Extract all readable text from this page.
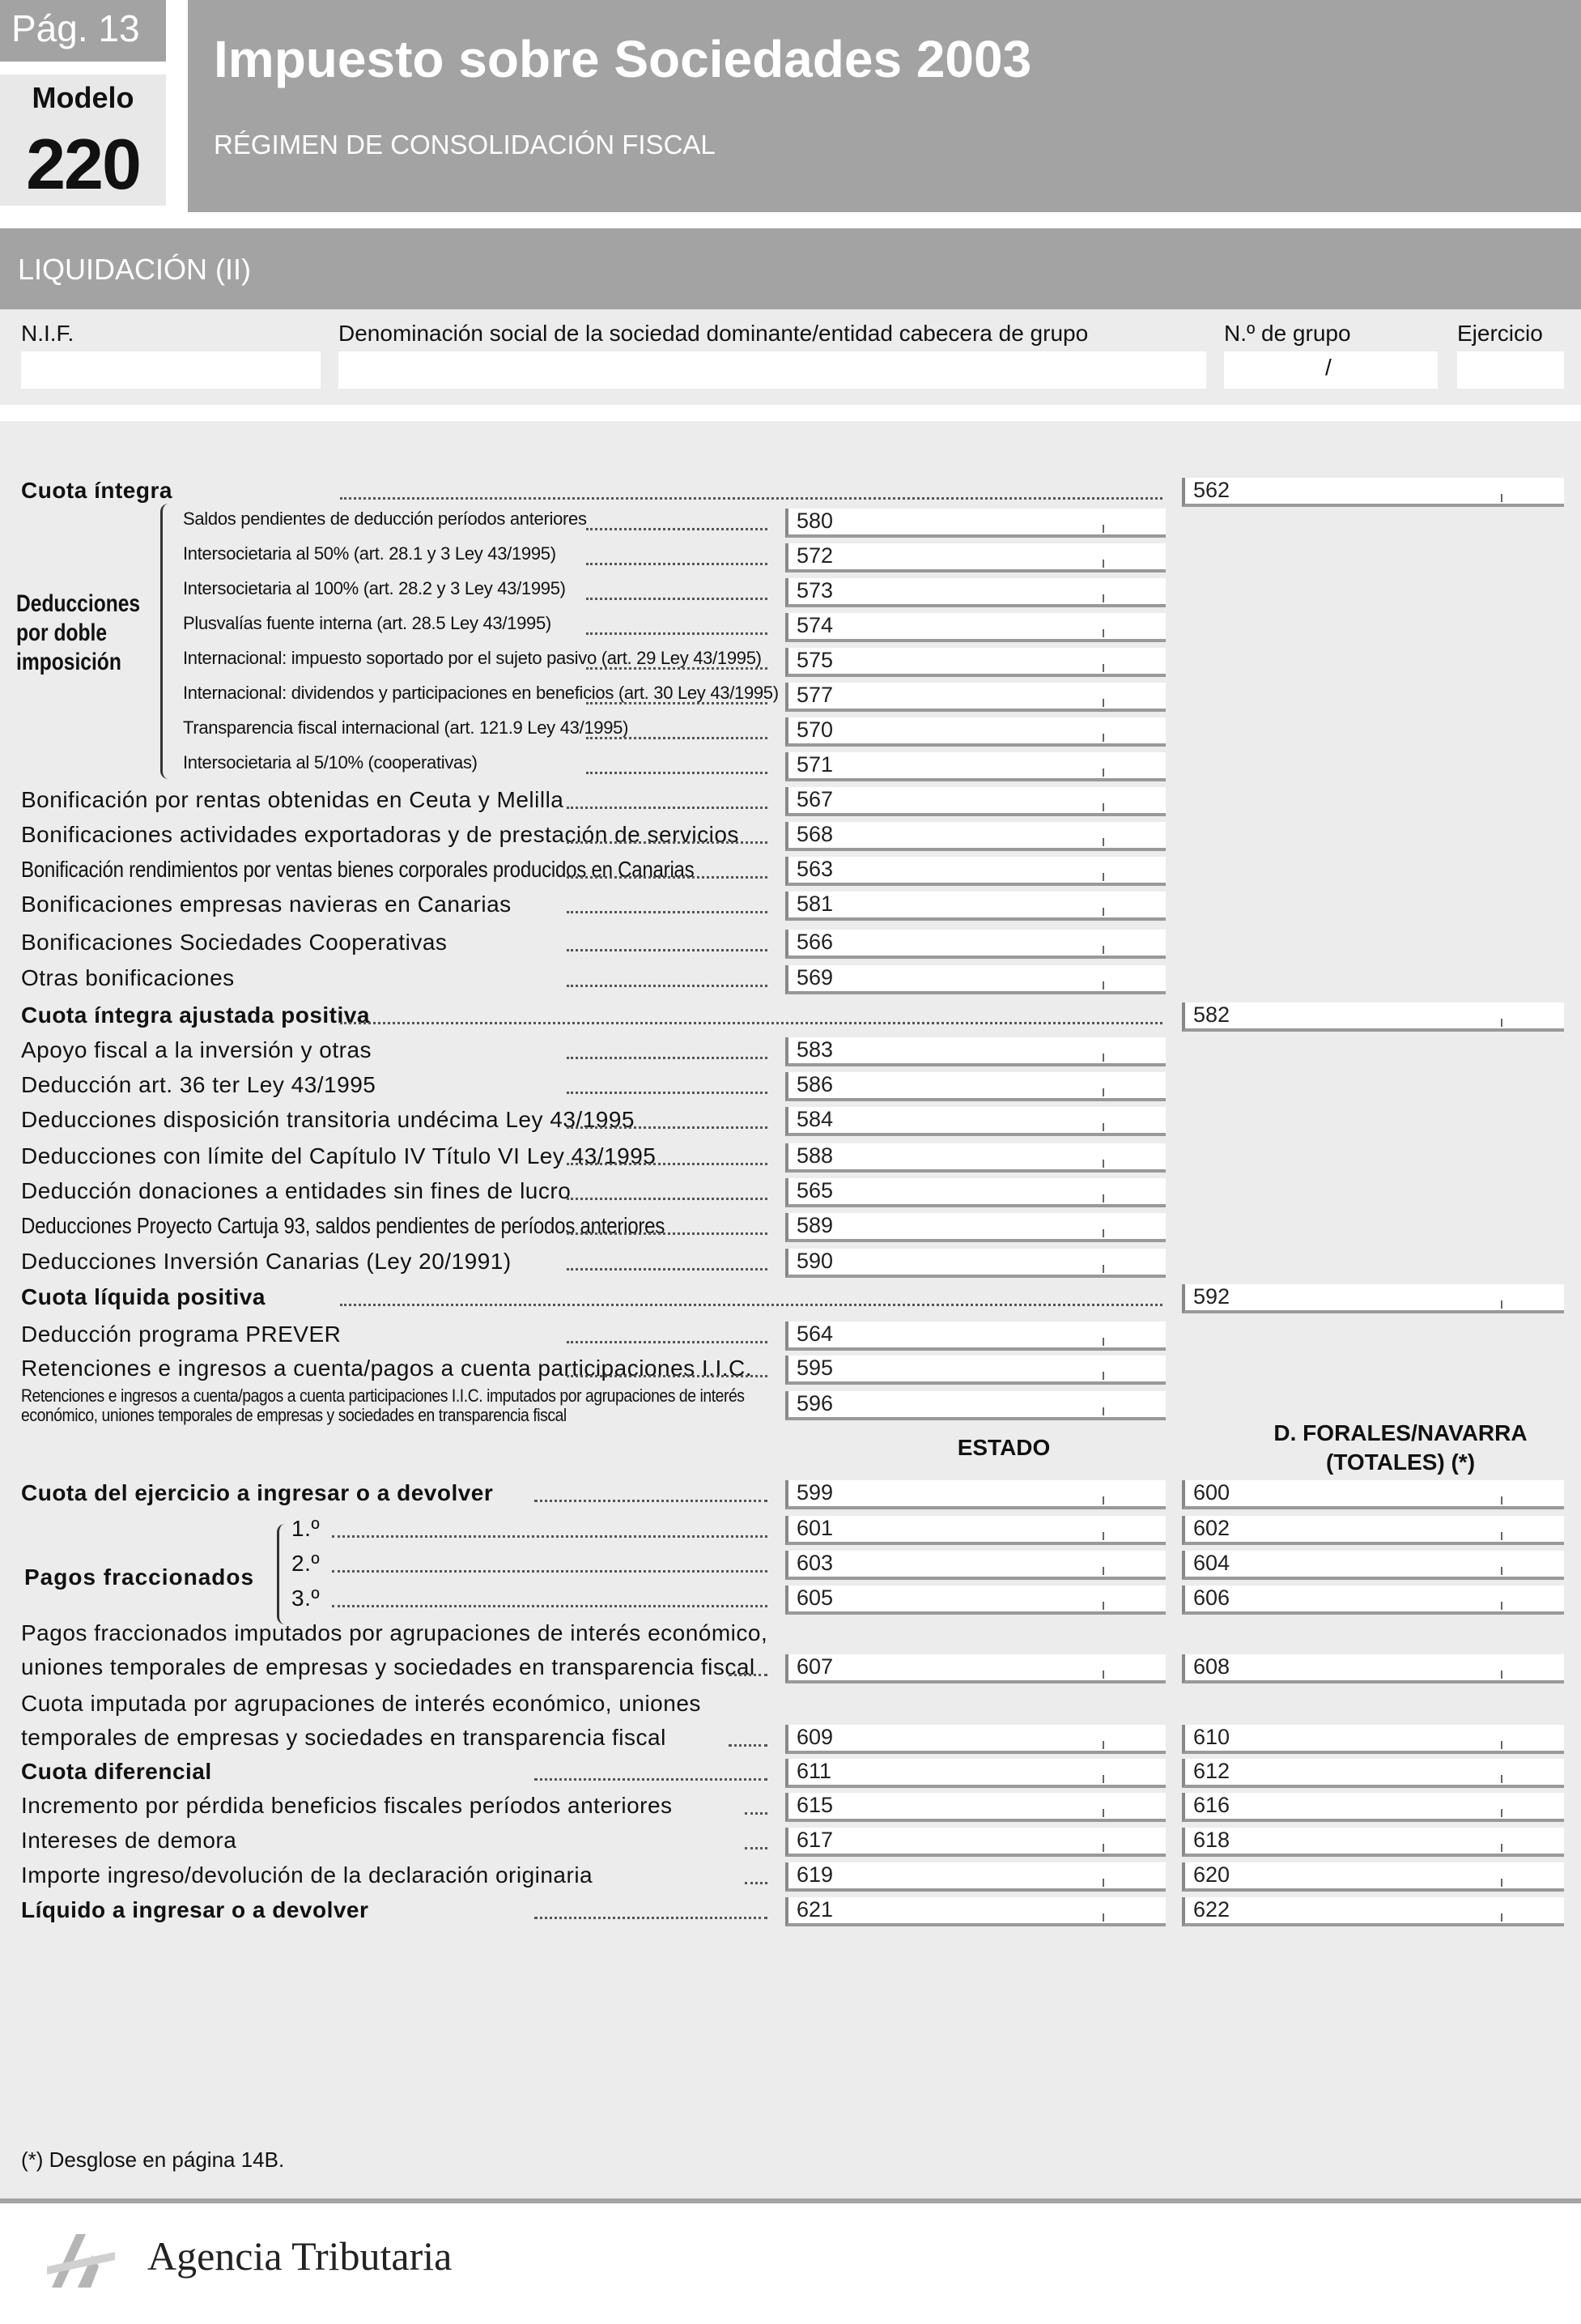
Pág. 13
Modelo
220
Impuesto sobre Sociedades 2003
RÉGIMEN DE CONSOLIDACIÓN FISCAL
LIQUIDACIÓN (II)
N.I.F.	Denominación social de la sociedad dominante/entidad cabecera de grupo	N.º de grupo
/
Ejercicio
Deducciones
por doble
imposición
ESTADO
D. FORALES/NAVARRA
(TOTALES) (*)
Pagos fraccionados
Cuota íntegra	562
Saldos pendientes de deducción períodos anteriores	580
Intersocietaria al 50% (art. 28.1 y 3 Ley 43/1995)	572
Intersocietaria al 100% (art. 28.2 y 3 Ley 43/1995)	573
Plusvalías fuente interna (art. 28.5 Ley 43/1995)	574
Internacional: impuesto soportado por el sujeto pasivo (art. 29 Ley 43/1995) 575
Internacional: dividendos y participaciones en beneficios (art. 30 Ley 43/1995) 577
Transparencia fiscal internacional (art. 121.9 Ley 43/1995)	570
Intersocietaria al 5/10% (cooperativas)	571
Bonificación por rentas obtenidas en Ceuta y Melilla	567
Bonificaciones actividades exportadoras y de prestación de servicios	568
Bonificación rendimientos por ventas bienes corporales producidos en Canarias	563
Bonificaciones empresas navieras en Canarias	581
Bonificaciones Sociedades Cooperativas	566
Otras bonificaciones	569
Cuota íntegra ajustada positiva	582
Apoyo fiscal a la inversión y otras	583
Deducción art. 36 ter Ley 43/1995	586
Deducciones disposición transitoria undécima Ley 43/1995	584
Deducciones con límite del Capítulo IV Título VI Ley 43/1995	588
Deducción donaciones a entidades sin fines de lucro	565
Deducciones Proyecto Cartuja 93, saldos pendientes de períodos anteriores	589
Deducciones Inversión Canarias (Ley 20/1991)	590
Cuota líquida positiva	592
Deducción programa PREVER	564
Retenciones e ingresos a cuenta/pagos a cuenta participaciones I.I.C. 595
Retenciones e ingresos a cuenta/pagos a cuenta participaciones I.I.C. imputados por agrupaciones de interés económico, uniones temporales de empresas y sociedades en transparencia fiscal	596
Cuota del ejercicio a ingresar o a devolver	599	600
1.º	601	602
2.º	603	604
3.º	605	606
Pagos fraccionados imputados por agrupaciones de interés económico,
uniones temporales de empresas y sociedades en transparencia fiscal 607	608
Cuota imputada por agrupaciones de interés económico, uniones
temporales de empresas y sociedades en transparencia fiscal	609	610
Cuota diferencial	611	612
Incremento por pérdida beneficios fiscales períodos anteriores	615	616
Intereses de demora	617	618
Importe ingreso/devolución de la declaración originaria	619	620
Líquido a ingresar o a devolver	621	622
(*) Desglose en página 14B.
Agencia Tributaria
